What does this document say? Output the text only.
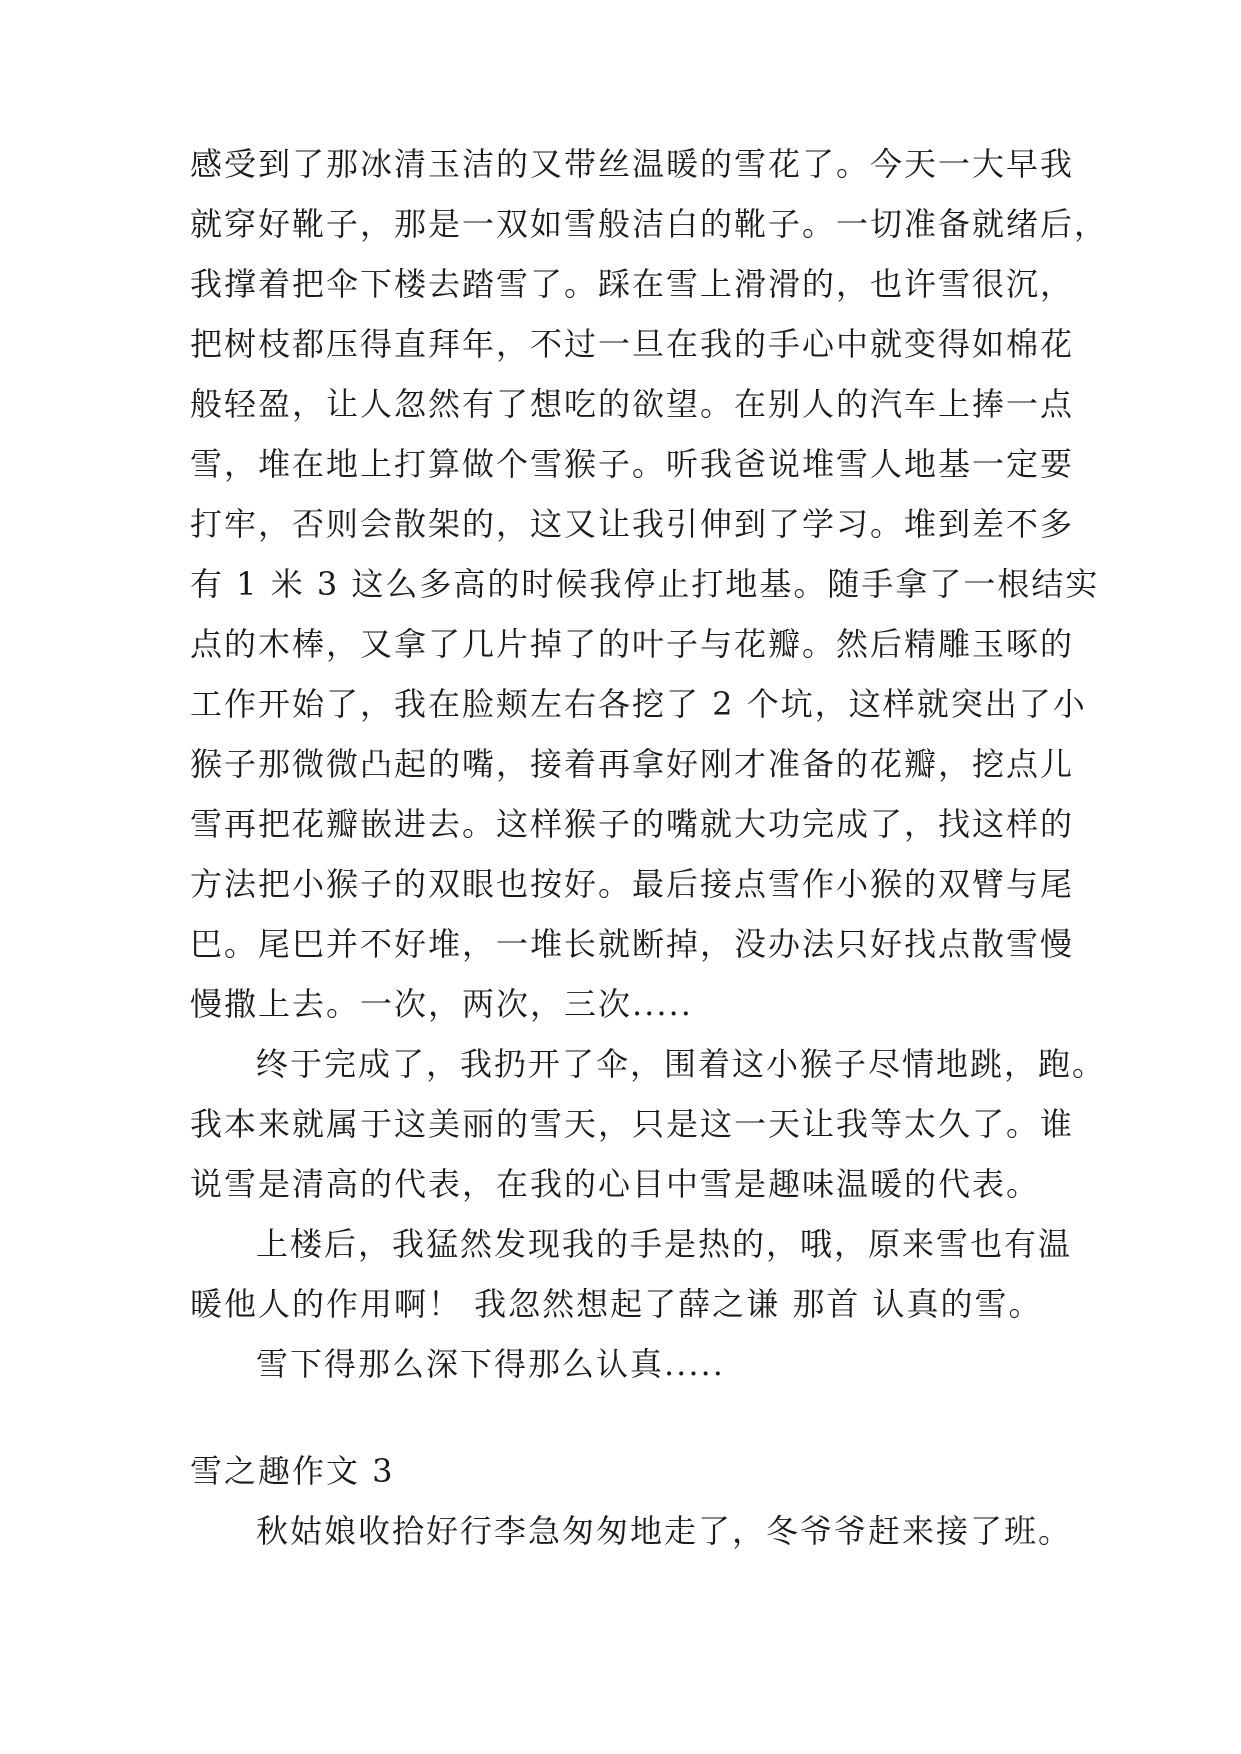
感受到了那冰清玉洁的又带丝温暖的雪花了。今天一大早我
就穿好靴子，那是一双如雪般洁白的靴子。一切准备就绪后，
我撑着把伞下楼去踏雪了。踩在雪上滑滑的，也许雪很沉，
把树枝都压得直拜年，不过一旦在我的手心中就变得如棉花
般轻盈，让人忽然有了想吃的欲望。在别人的汽车上捧一点
雪，堆在地上打算做个雪猴子。听我爸说堆雪人地基一定要
打牢，否则会散架的，这又让我引伸到了学习。堆到差不多
有 1 米 3 这么多高的时候我停止打地基。随手拿了一根结实
点的木棒，又拿了几片掉了的叶子与花瓣。然后精雕玉啄的
工作开始了，我在脸颊左右各挖了 2 个坑，这样就突出了小
猴子那微微凸起的嘴，接着再拿好刚才准备的花瓣，挖点儿
雪再把花瓣嵌进去。这样猴子的嘴就大功完成了，找这样的
方法把小猴子的双眼也按好。最后接点雪作小猴的双臂与尾
巴。尾巴并不好堆，一堆长就断掉，没办法只好找点散雪慢
慢撒上去。一次，两次，三次.....
终于完成了，我扔开了伞，围着这小猴子尽情地跳，跑。
我本来就属于这美丽的雪天，只是这一天让我等太久了。谁
说雪是清高的代表，在我的心目中雪是趣味温暖的代表。
上楼后，我猛然发现我的手是热的，哦，原来雪也有温
暖他人的作用啊！ 我忽然想起了薛之谦 那首 认真的雪。
雪下得那么深下得那么认真.....
雪之趣作文 3
秋姑娘收拾好行李急匆匆地走了，冬爷爷赶来接了班。
